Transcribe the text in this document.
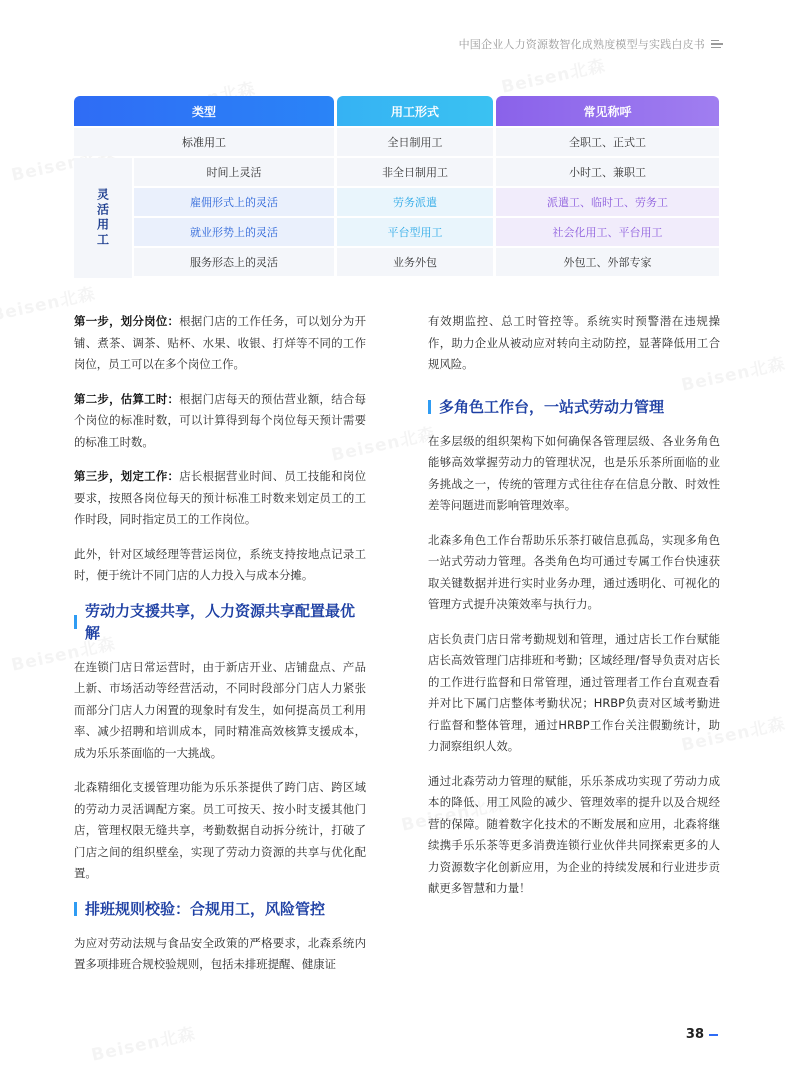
中国企业人力资源数智化成熟度模型与实践白皮书
类型	用工形式	常见称呼
标准用工
灵活用工
时间上灵活
雇佣形式上的灵活
就业形势上的灵活
服务形态上的灵活
全日制用工
非全日制用工
劳务派遣
平台型用工
业务外包
全职工、正式工
小时工、兼职工
派遣工、临时工、劳务工
社会化用工、平台用工
外包工、外部专家

第一步，划分岗位：根据门店的工作任务，可以划分为开铺、煮茶、调茶、贴杯、水果、收银、打烊等不同的工作岗位，员工可以在多个岗位工作。

第二步，估算工时：根据门店每天的预估营业额，结合每个岗位的标准时数，可以计算得到每个岗位每天预计需要的标准工时数。

第三步，划定工作：店长根据营业时间、员工技能和岗位要求，按照各岗位每天的预计标准工时数来划定员工的工作时段，同时指定员工的工作岗位。

此外，针对区域经理等营运岗位，系统支持按地点记录工时，便于统计不同门店的人力投入与成本分摊。

劳动力支援共享，人力资源共享配置最优解

在连锁门店日常运营时，由于新店开业、店铺盘点、产品上新、市场活动等经营活动，不同时段部分门店人力紧张而部分门店人力闲置的现象时有发生，如何提高员工利用率、减少招聘和培训成本，同时精准高效核算支援成本，成为乐乐茶面临的一大挑战。

北森精细化支援管理功能为乐乐茶提供了跨门店、跨区域的劳动力灵活调配方案。员工可按天、按小时支援其他门店，管理权限无缝共享，考勤数据自动拆分统计，打破了门店之间的组织壁垒，实现了劳动力资源的共享与优化配置。

排班规则校验：合规用工，风险管控

为应对劳动法规与食品安全政策的严格要求，北森系统内置多项排班合规校验规则，包括未排班提醒、健康证

有效期监控、总工时管控等。系统实时预警潜在违规操作，助力企业从被动应对转向主动防控，显著降低用工合规风险。

多角色工作台，一站式劳动力管理

在多层级的组织架构下如何确保各管理层级、各业务角色能够高效掌握劳动力的管理状况，也是乐乐茶所面临的业务挑战之一，传统的管理方式往往存在信息分散、时效性差等问题进而影响管理效率。

北森多角色工作台帮助乐乐茶打破信息孤岛，实现多角色一站式劳动力管理。各类角色均可通过专属工作台快速获取关键数据并进行实时业务办理，通过透明化、可视化的管理方式提升决策效率与执行力。

店长负责门店日常考勤规划和管理，通过店长工作台赋能店长高效管理门店排班和考勤；区域经理/督导负责对店长的工作进行监督和日常管理，通过管理者工作台直观查看并对比下属门店整体考勤状况；HRBP负责对区域考勤进行监督和整体管理，通过HRBP工作台关注假勤统计，助力洞察组织人效。

通过北森劳动力管理的赋能，乐乐茶成功实现了劳动力成本的降低、用工风险的减少、管理效率的提升以及合规经营的保障。随着数字化技术的不断发展和应用，北森将继续携手乐乐茶等更多消费连锁行业伙伴共同探索更多的人力资源数字化创新应用，为企业的持续发展和行业进步贡献更多智慧和力量！

38
